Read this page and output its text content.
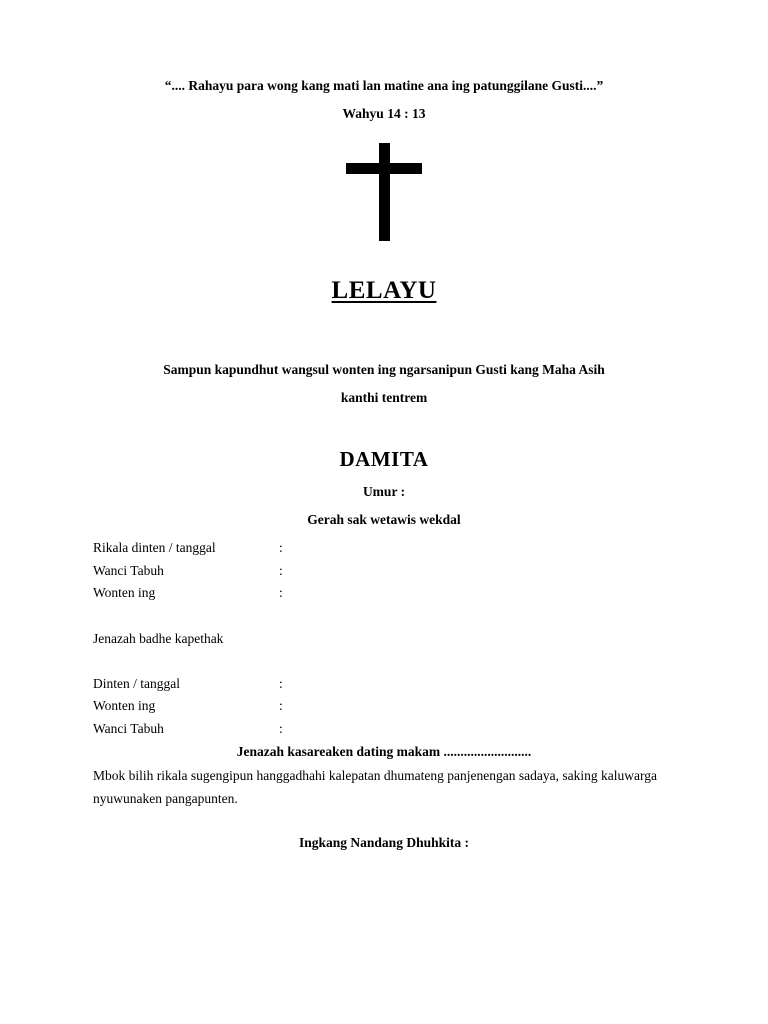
“.... Rahayu para wong kang mati lan matine ana ing patunggilane Gusti....”
Wahyu 14 : 13
LELAYU
Sampun kapundhut wangsul wonten ing ngarsanipun Gusti kang Maha Asih
kanthi tentrem
DAMITA
Umur :
Gerah sak wetawis wekdal
Rikala dinten / tanggal	:
Wanci Tabuh	:
Wonten ing	:
Jenazah badhe kapethak
Dinten / tanggal	:
Wonten ing	:
Wanci Tabuh	:
Jenazah kasareaken dating makam ..........................
Mbok bilih rikala sugengipun hanggadhahi kalepatan dhumateng panjenengan sadaya, saking kaluwarga nyuwunaken pangapunten.
Ingkang Nandang Dhuhkita :
